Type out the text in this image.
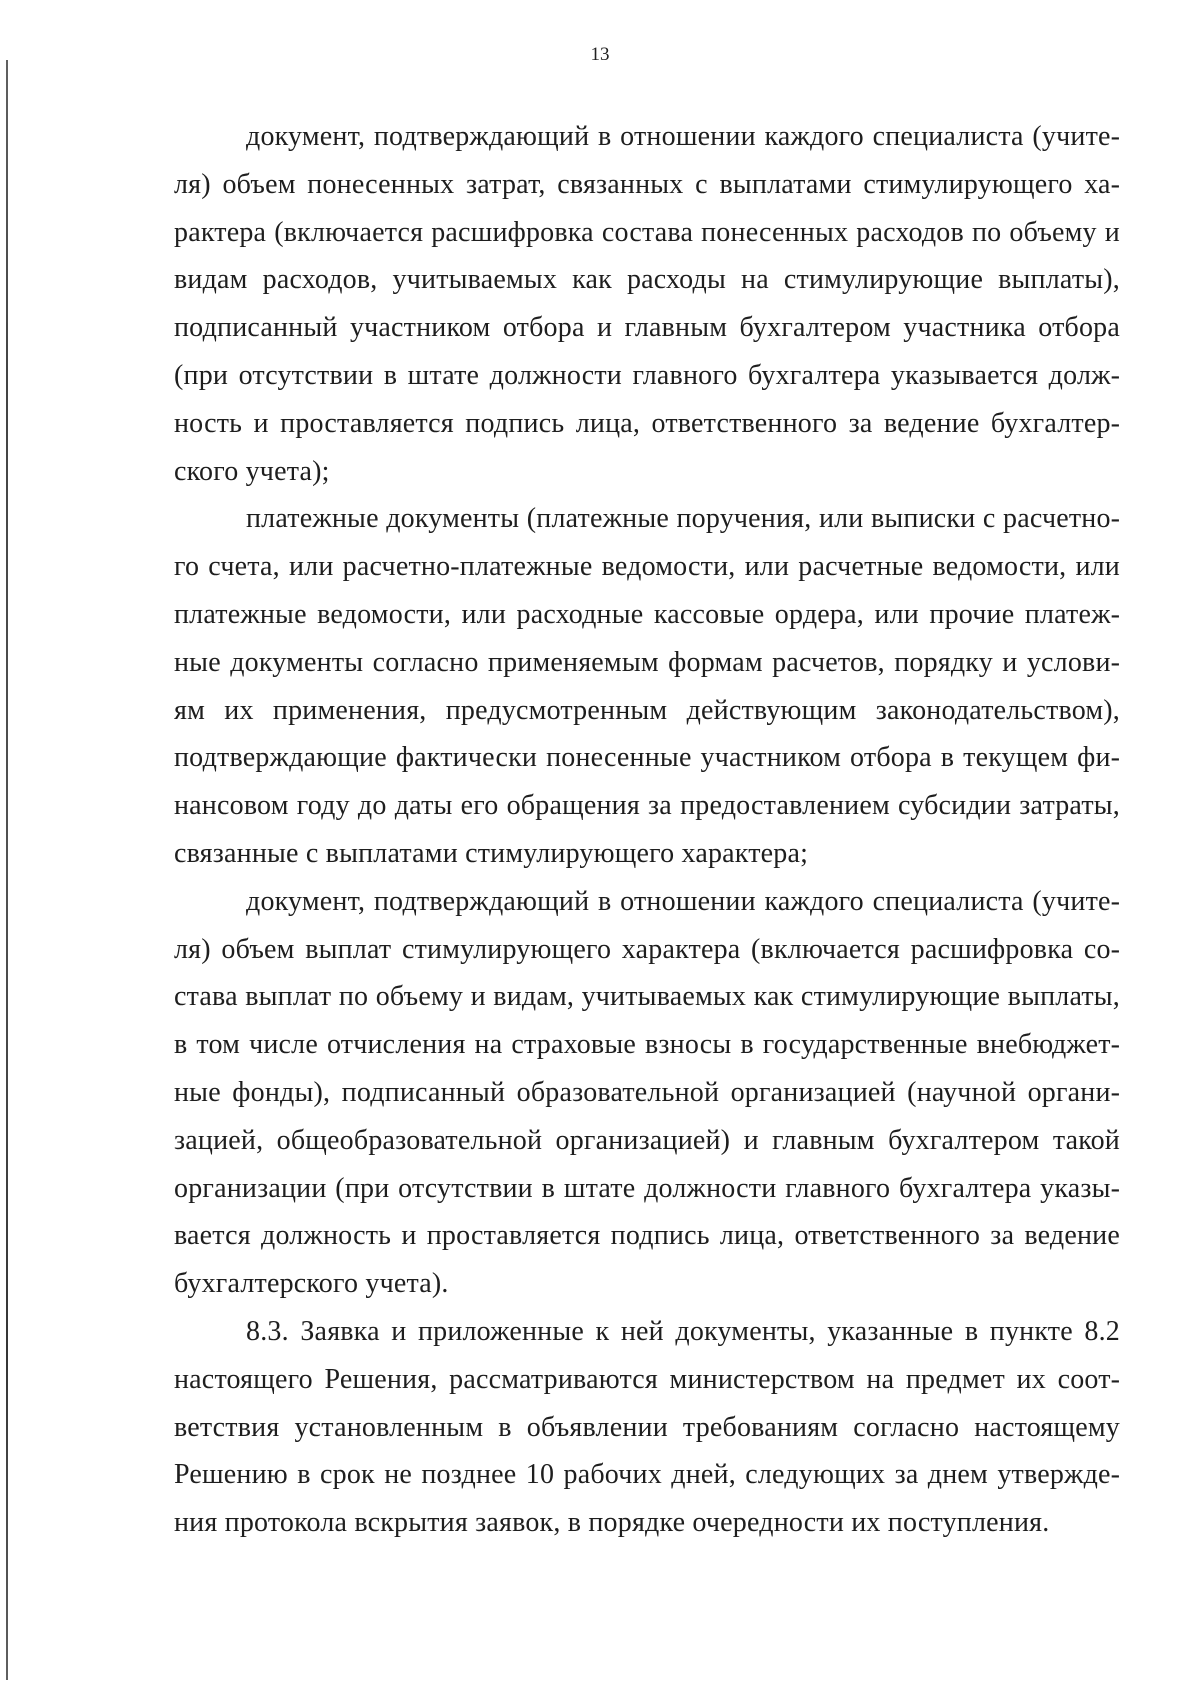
13

документ, подтверждающий в отношении каждого специалиста (учителя) объем понесенных затрат, связанных с выплатами стимулирующего характера (включается расшифровка состава понесенных расходов по объему и видам расходов, учитываемых как расходы на стимулирующие выплаты), подписанный участником отбора и главным бухгалтером участника отбора (при отсутствии в штате должности главного бухгалтера указывается должность и проставляется подпись лица, ответственного за ведение бухгалтерского учета);

платежные документы (платежные поручения, или выписки с расчетного счета, или расчетно-платежные ведомости, или расчетные ведомости, или платежные ведомости, или расходные кассовые ордера, или прочие платежные документы согласно применяемым формам расчетов, порядку и условиям их применения, предусмотренным действующим законодательством), подтверждающие фактически понесенные участником отбора в текущем финансовом году до даты его обращения за предоставлением субсидии затраты, связанные с выплатами стимулирующего характера;

документ, подтверждающий в отношении каждого специалиста (учителя) объем выплат стимулирующего характера (включается расшифровка состава выплат по объему и видам, учитываемых как стимулирующие выплаты, в том числе отчисления на страховые взносы в государственные внебюджетные фонды), подписанный образовательной организацией (научной организацией, общеобразовательной организацией) и главным бухгалтером такой организации (при отсутствии в штате должности главного бухгалтера указывается должность и проставляется подпись лица, ответственного за ведение бухгалтерского учета).

8.3. Заявка и приложенные к ней документы, указанные в пункте 8.2 настоящего Решения, рассматриваются министерством на предмет их соответствия установленным в объявлении требованиям согласно настоящему Решению в срок не позднее 10 рабочих дней, следующих за днем утверждения протокола вскрытия заявок, в порядке очередности их поступления.
